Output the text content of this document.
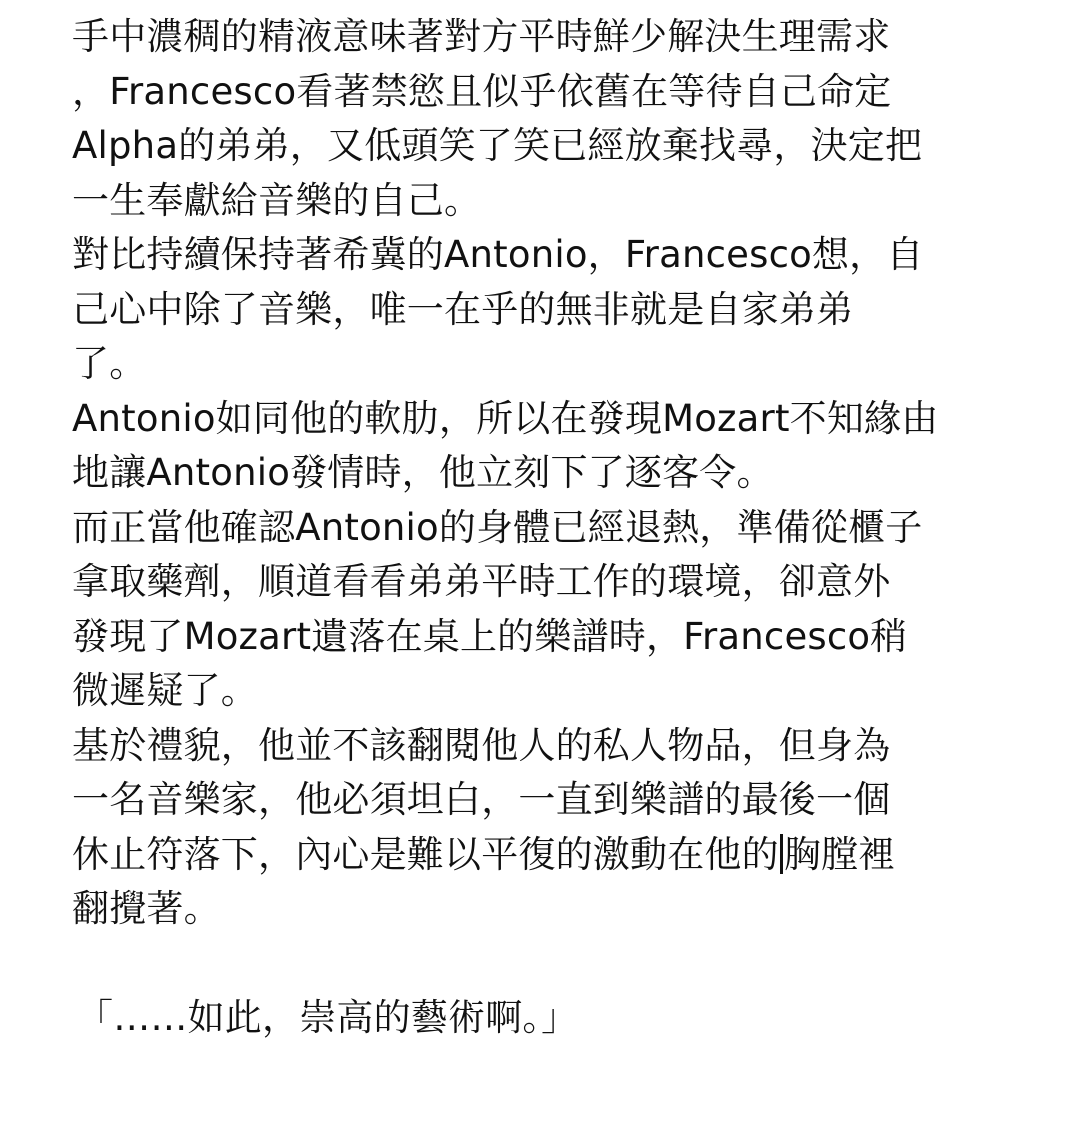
手中濃稠的精液意味著對方平時鮮少解決生理需求
，Francesco看著禁慾且似乎依舊在等待自己命定
Alpha的弟弟，又低頭笑了笑已經放棄找尋，決定把
一生奉獻給音樂的自己。
對比持續保持著希冀的Antonio，Francesco想，自
己心中除了音樂，唯一在乎的無非就是自家弟弟
了。
Antonio如同他的軟肋，所以在發現Mozart不知緣由
地讓Antonio發情時，他立刻下了逐客令。
而正當他確認Antonio的身體已經退熱，準備從櫃子
拿取藥劑，順道看看弟弟平時工作的環境，卻意外
發現了Mozart遺落在桌上的樂譜時，Francesco稍
微遲疑了。
基於禮貌，他並不該翻閱他人的私人物品，但身為
一名音樂家，他必須坦白，一直到樂譜的最後一個
休止符落下，內心是難以平復的激動在他的 胸膛裡
翻攪著。
「……如此，崇高的藝術啊。」
